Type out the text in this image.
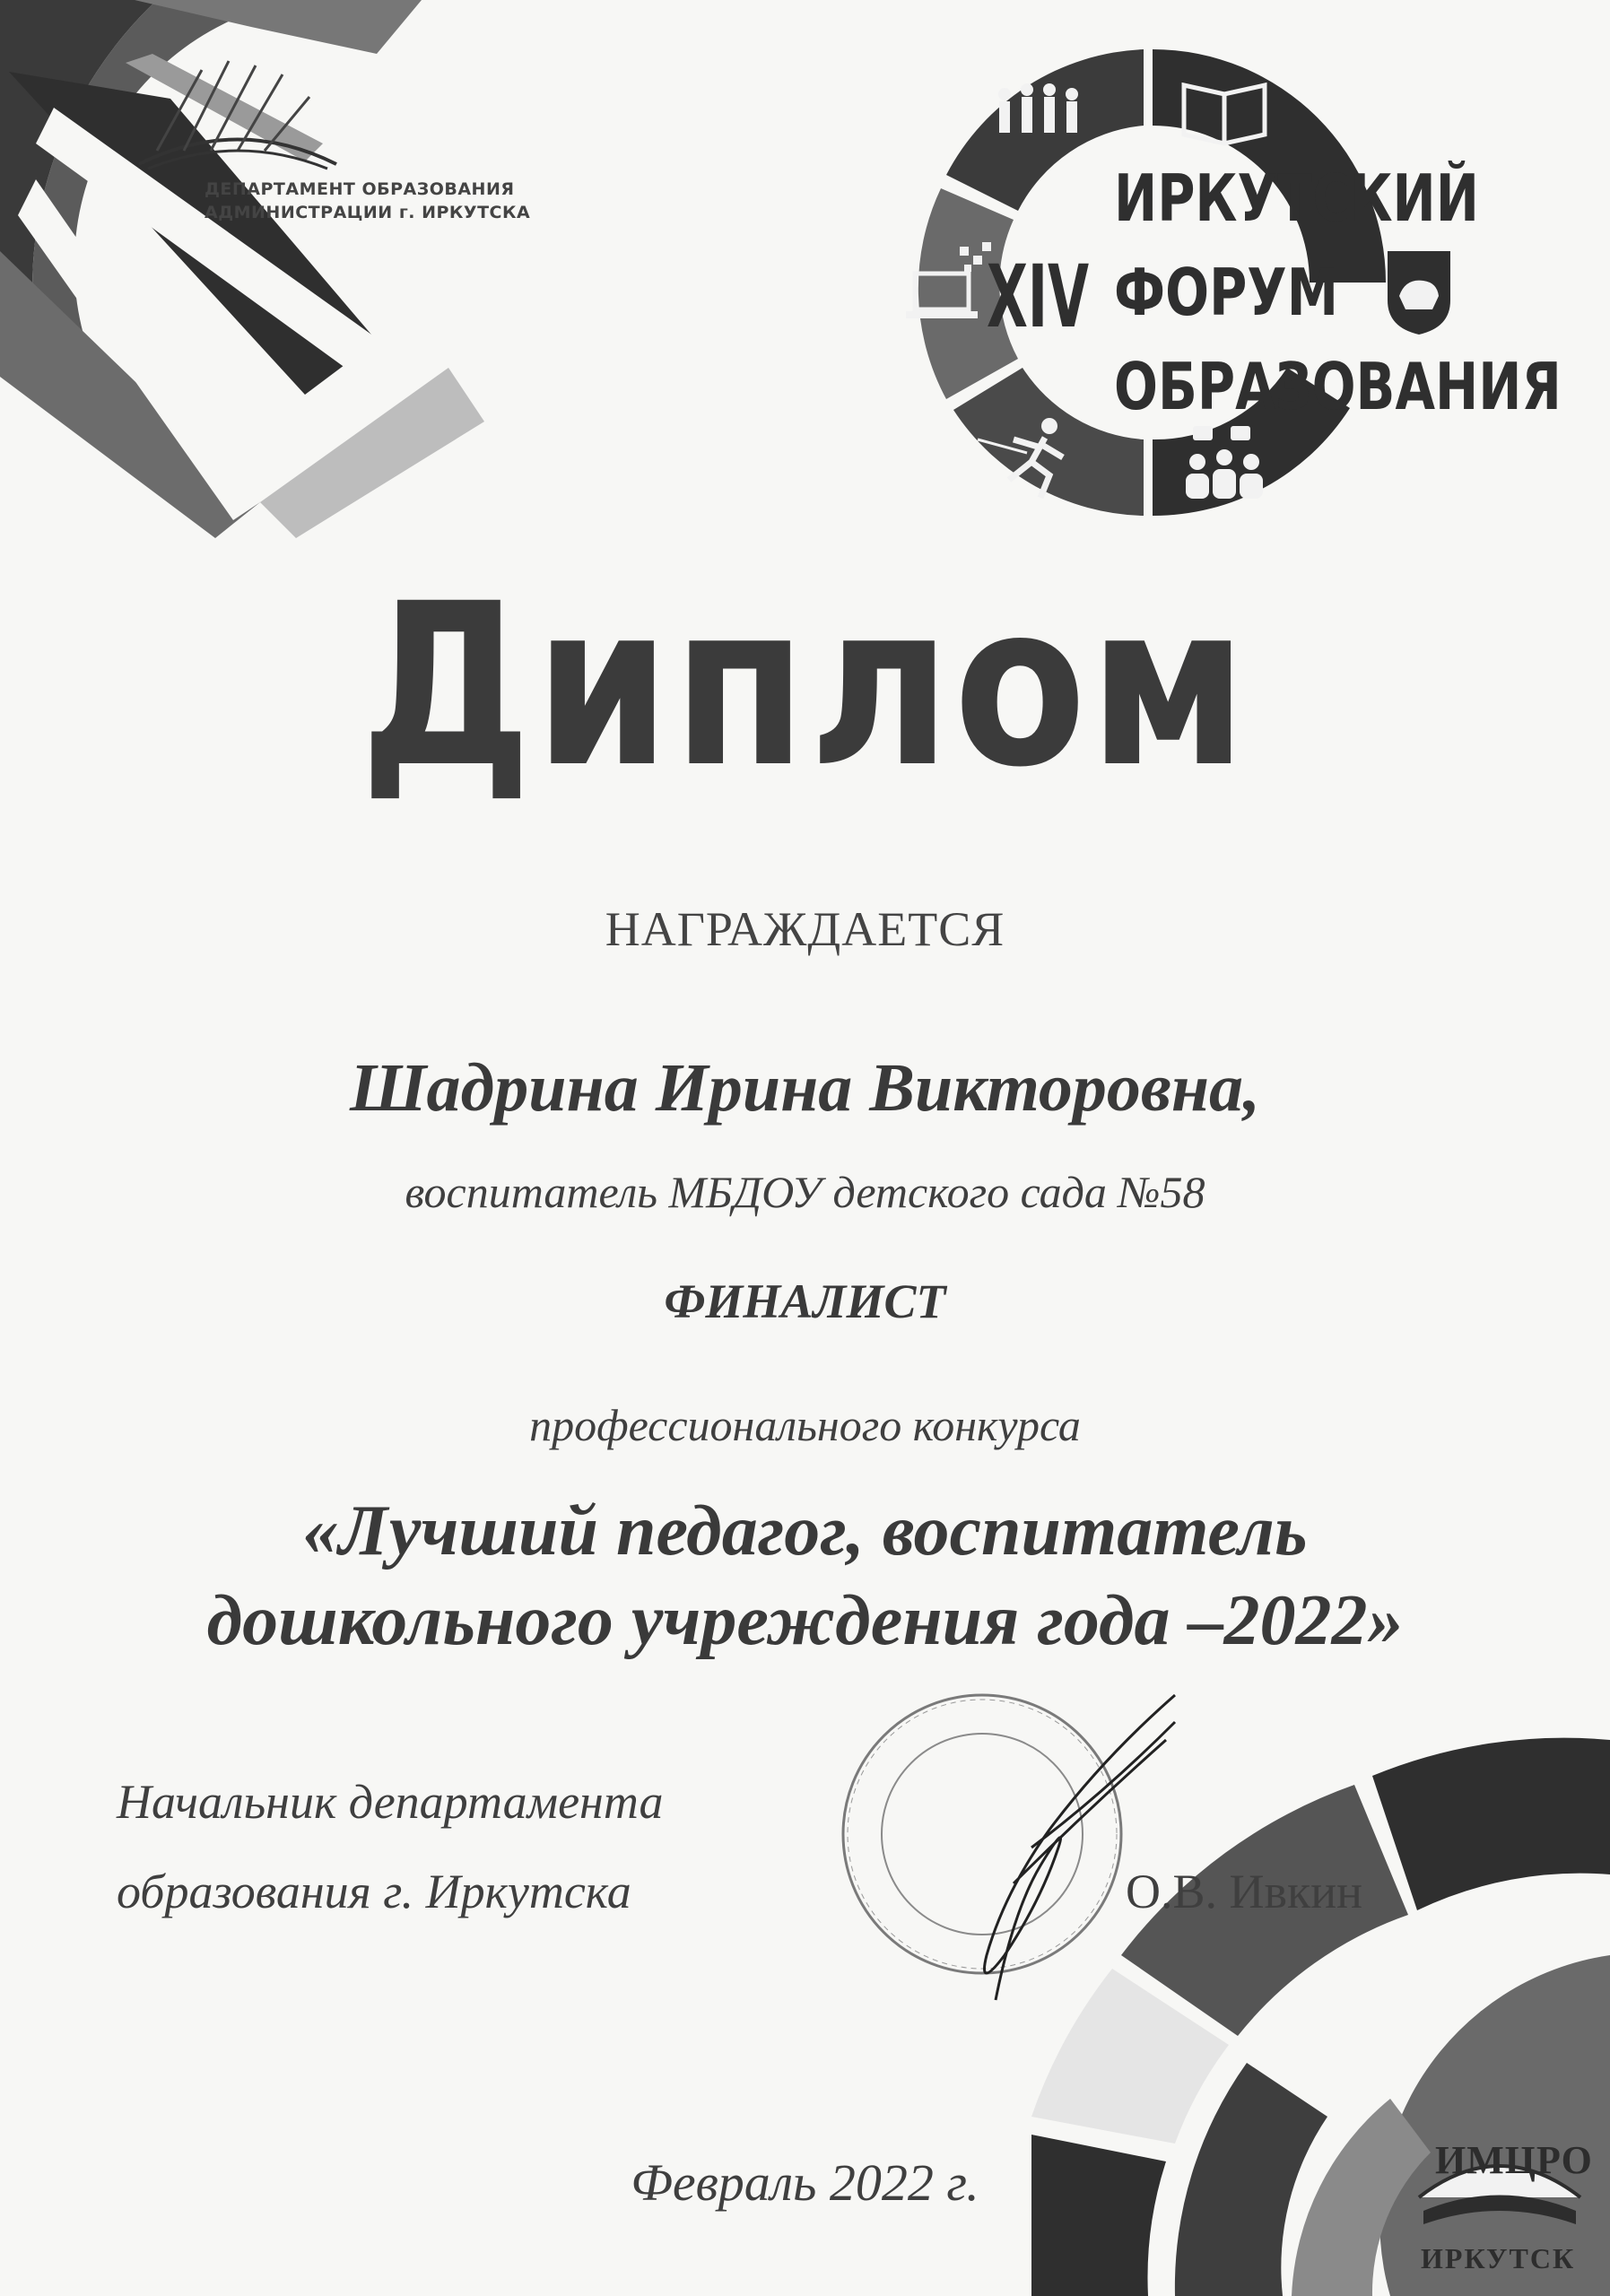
ДЕПАРТАМЕНТ ОБРАЗОВАНИЯ
АДМИНИСТРАЦИИ г. ИРКУТСКА	ИРКУТСКИЙ
ФОРУМ
ОБРАЗОВАНИЯ
XIV
Диплом
НАГРАЖДАЕТСЯ
Шадрина Ирина Викторовна,
воспитатель МБДОУ детского сада №58
ФИНАЛИСТ
профессионального конкурса
«Лучший педагог, воспитатель
дошкольного учреждения года –2022»
Начальник департамента
образования г. Иркутска	О.В. Ивкин
Февраль 2022 г.	ИМЦРО
ИРКУТСК
